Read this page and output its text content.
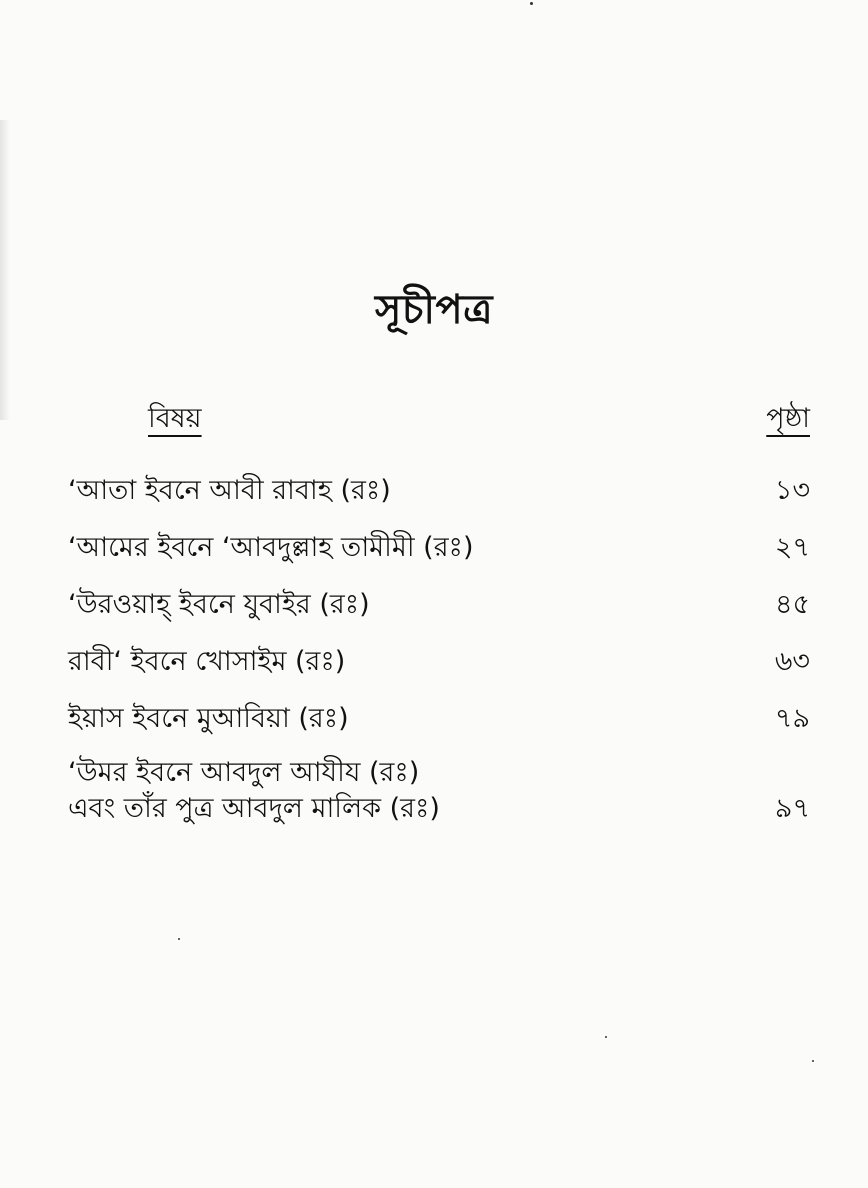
সূচীপত্র
বিষয়	পৃষ্ঠা
‘আতা ইবনে আবী রাবাহ (রঃ)	১৩
‘আমের ইবনে ‘আবদুল্লাহ তামীমী (রঃ)	২৭
‘উরওয়াহ্ ইবনে যুবাইর (রঃ)	৪৫
রাবী‘ ইবনে খোসাইম (রঃ)	৬৩
ইয়াস ইবনে মুআবিয়া (রঃ)	৭৯
‘উমর ইবনে আবদুল আযীয (রঃ)
এবং তাঁর পুত্র আবদুল মালিক (রঃ)	৯৭
